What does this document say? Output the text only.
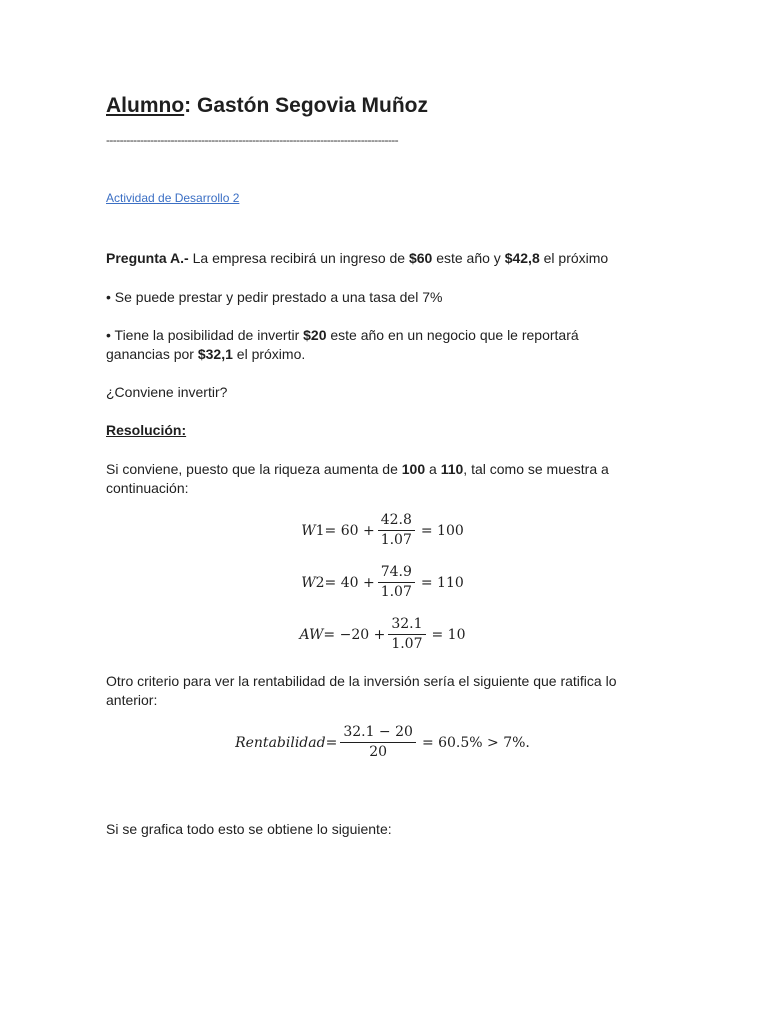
Alumno: Gastón Segovia Muñoz
--------------------------------------------------------------------------------------
Actividad de Desarrollo 2

Pregunta A.- La empresa recibirá un ingreso de $60 este año y $42,8 el próximo

• Se puede prestar y pedir prestado a una tasa del 7%

• Tiene la posibilidad de invertir $20 este año en un negocio que le reportará ganancias por $32,1 el próximo.

¿Conviene invertir?

Resolución:

Si conviene, puesto que la riqueza aumenta de 100 a 110, tal como se muestra a continuación:

W $1 = 60 + \frac{42.8}{1.07} = 100$
W $2 = 40 + \frac{74.9}{1.07} = 110$
AW = $-20 + \frac{32.1}{1.07} = 10$

Otro criterio para ver la rentabilidad de la inversión sería el siguiente que ratifica lo anterior:

Rentabilidad = $\frac{32.1 - 20}{20} = 60.5\% > 7\%$.

Si se grafica todo esto se obtiene lo siguiente:
